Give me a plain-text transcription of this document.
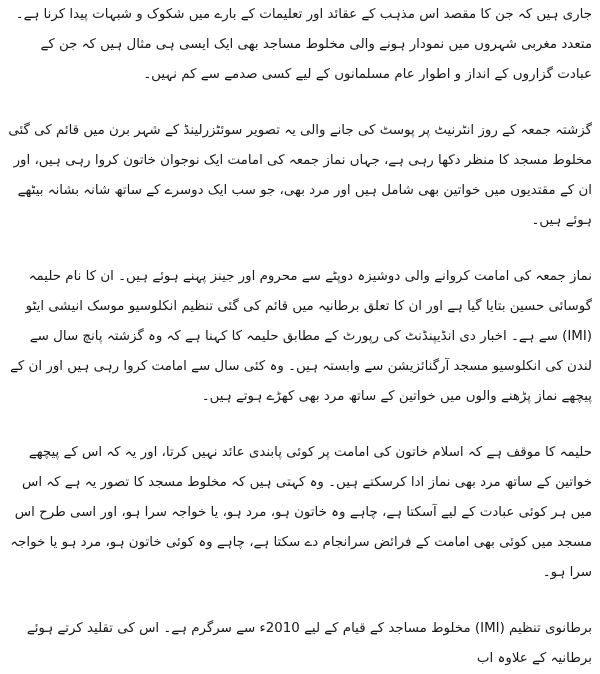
جاری ہیں کہ جن کا مقصد اس مذہب کے عقائد اور تعلیمات کے بارے میں شکوک و شبہات پیدا کرنا ہے۔ متعدد مغربی شہروں میں نمودار ہونے والی مخلوط مساجد بھی ایک ایسی ہی مثال ہیں کہ جن کے عبادت گزاروں کے انداز و اطوار عام مسلمانوں کے لیے کسی صدمے سے کم نہیں۔

گزشتہ جمعہ کے روز انٹرنیٹ پر پوسٹ کی جانے والی یہ تصویر سوئٹزرلینڈ کے شہر برن میں قائم کی گئی مخلوط مسجد کا منظر دکھا رہی ہے، جہاں نماز جمعہ کی امامت ایک نوجوان خاتون کروا رہی ہیں، اور ان کے مقتدیوں میں خواتین بھی شامل ہیں اور مرد بھی، جو سب ایک دوسرے کے ساتھ شانہ بشانہ بیٹھے ہوئے ہیں۔

نماز جمعہ کی امامت کروانے والی دوشیزہ دوپٹے سے محروم اور جینز پہنے ہوئے ہیں۔ ان کا نام حلیمہ گوسائی حسین بتایا گیا ہے اور ان کا تعلق برطانیہ میں قائم کی گئی تنظیم انکلوسیو موسک انیشی ایٹو (IMI) سے ہے۔ اخبار دی انڈیپنڈنٹ کی رپورٹ کے مطابق حلیمہ کا کہنا ہے کہ وہ گزشتہ پانچ سال سے لندن کی انکلوسیو مسجد آرگنائزیشن سے وابستہ ہیں۔ وہ کئی سال سے امامت کروا رہی ہیں اور ان کے پیچھے نماز پڑھنے والوں میں خواتین کے ساتھ مرد بھی کھڑے ہوتے ہیں۔

حلیمہ کا موقف ہے کہ اسلام خاتون کی امامت پر کوئی پابندی عائد نہیں کرتا، اور یہ کہ اس کے پیچھے خواتین کے ساتھ مرد بھی نماز ادا کرسکتے ہیں۔ وہ کہتی ہیں کہ مخلوط مسجد کا تصور یہ ہے کہ اس میں ہر کوئی عبادت کے لیے آسکتا ہے، چاہے وہ خاتون ہو، مرد ہو، یا خواجہ سرا ہو، اور اسی طرح اس مسجد میں کوئی بھی امامت کے فرائض سرانجام دے سکتا ہے، چاہے وہ کوئی خاتون ہو، مرد ہو یا خواجہ سرا ہو۔

برطانوی تنظیم (IMI) مخلوط مساجد کے قیام کے لیے 2010ء سے سرگرم ہے۔ اس کی تقلید کرتے ہوئے برطانیہ کے علاوہ اب
